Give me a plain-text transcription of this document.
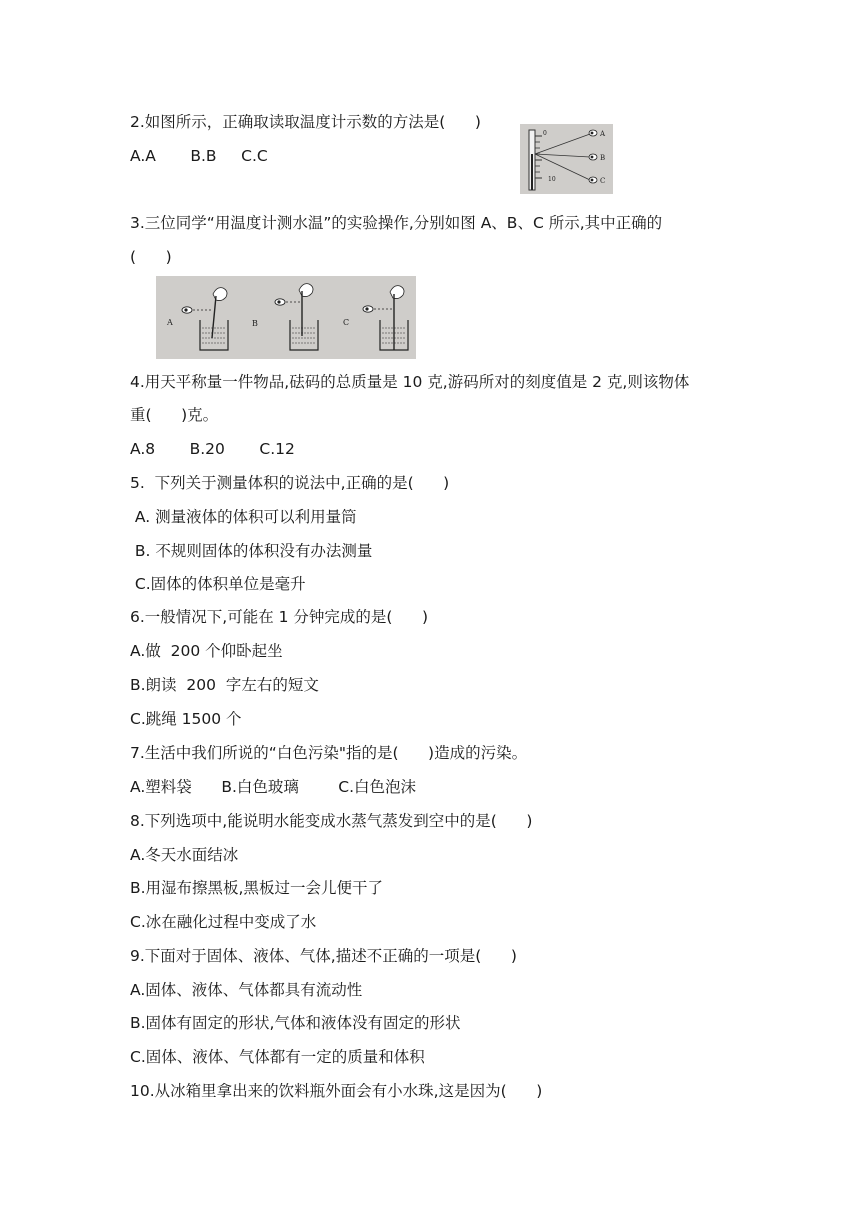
2.如图所示，正确取读取温度计示数的方法是(      )
A.A       B.B     C.C
3.三位同学“用温度计测水温”的实验操作,分别如图 A、B、C 所示,其中正确的
(      )
4.用天平称量一件物品,砝码的总质量是 10 克,游码所对的刻度值是 2 克,则该物体
重(      )克。
A.8       B.20       C.12
5.  下列关于测量体积的说法中,正确的是(      )
A. 测量液体的体积可以利用量筒
B. 不规则固体的体积没有办法测量
C.固体的体积单位是毫升
6.一般情况下,可能在 1 分钟完成的是(      )
A.做  200 个仰卧起坐
B.朗读  200  字左右的短文
C.跳绳 1500 个
7.生活中我们所说的“白色污染"指的是(      )造成的污染。
A.塑料袋      B.白色玻璃        C.白色泡沫
8.下列选项中,能说明水能变成水蒸气蒸发到空中的是(      )
A.冬天水面结冰
B.用湿布擦黑板,黑板过一会儿便干了
C.冰在融化过程中变成了水
9.下面对于固体、液体、气体,描述不正确的一项是(      )
A.固体、液体、气体都具有流动性
B.固体有固定的形状,气体和液体没有固定的形状
C.固体、液体、气体都有一定的质量和体积
10.从冰箱里拿出来的饮料瓶外面会有小水珠,这是因为(      )
0
10
A
B
C
A	B	C
